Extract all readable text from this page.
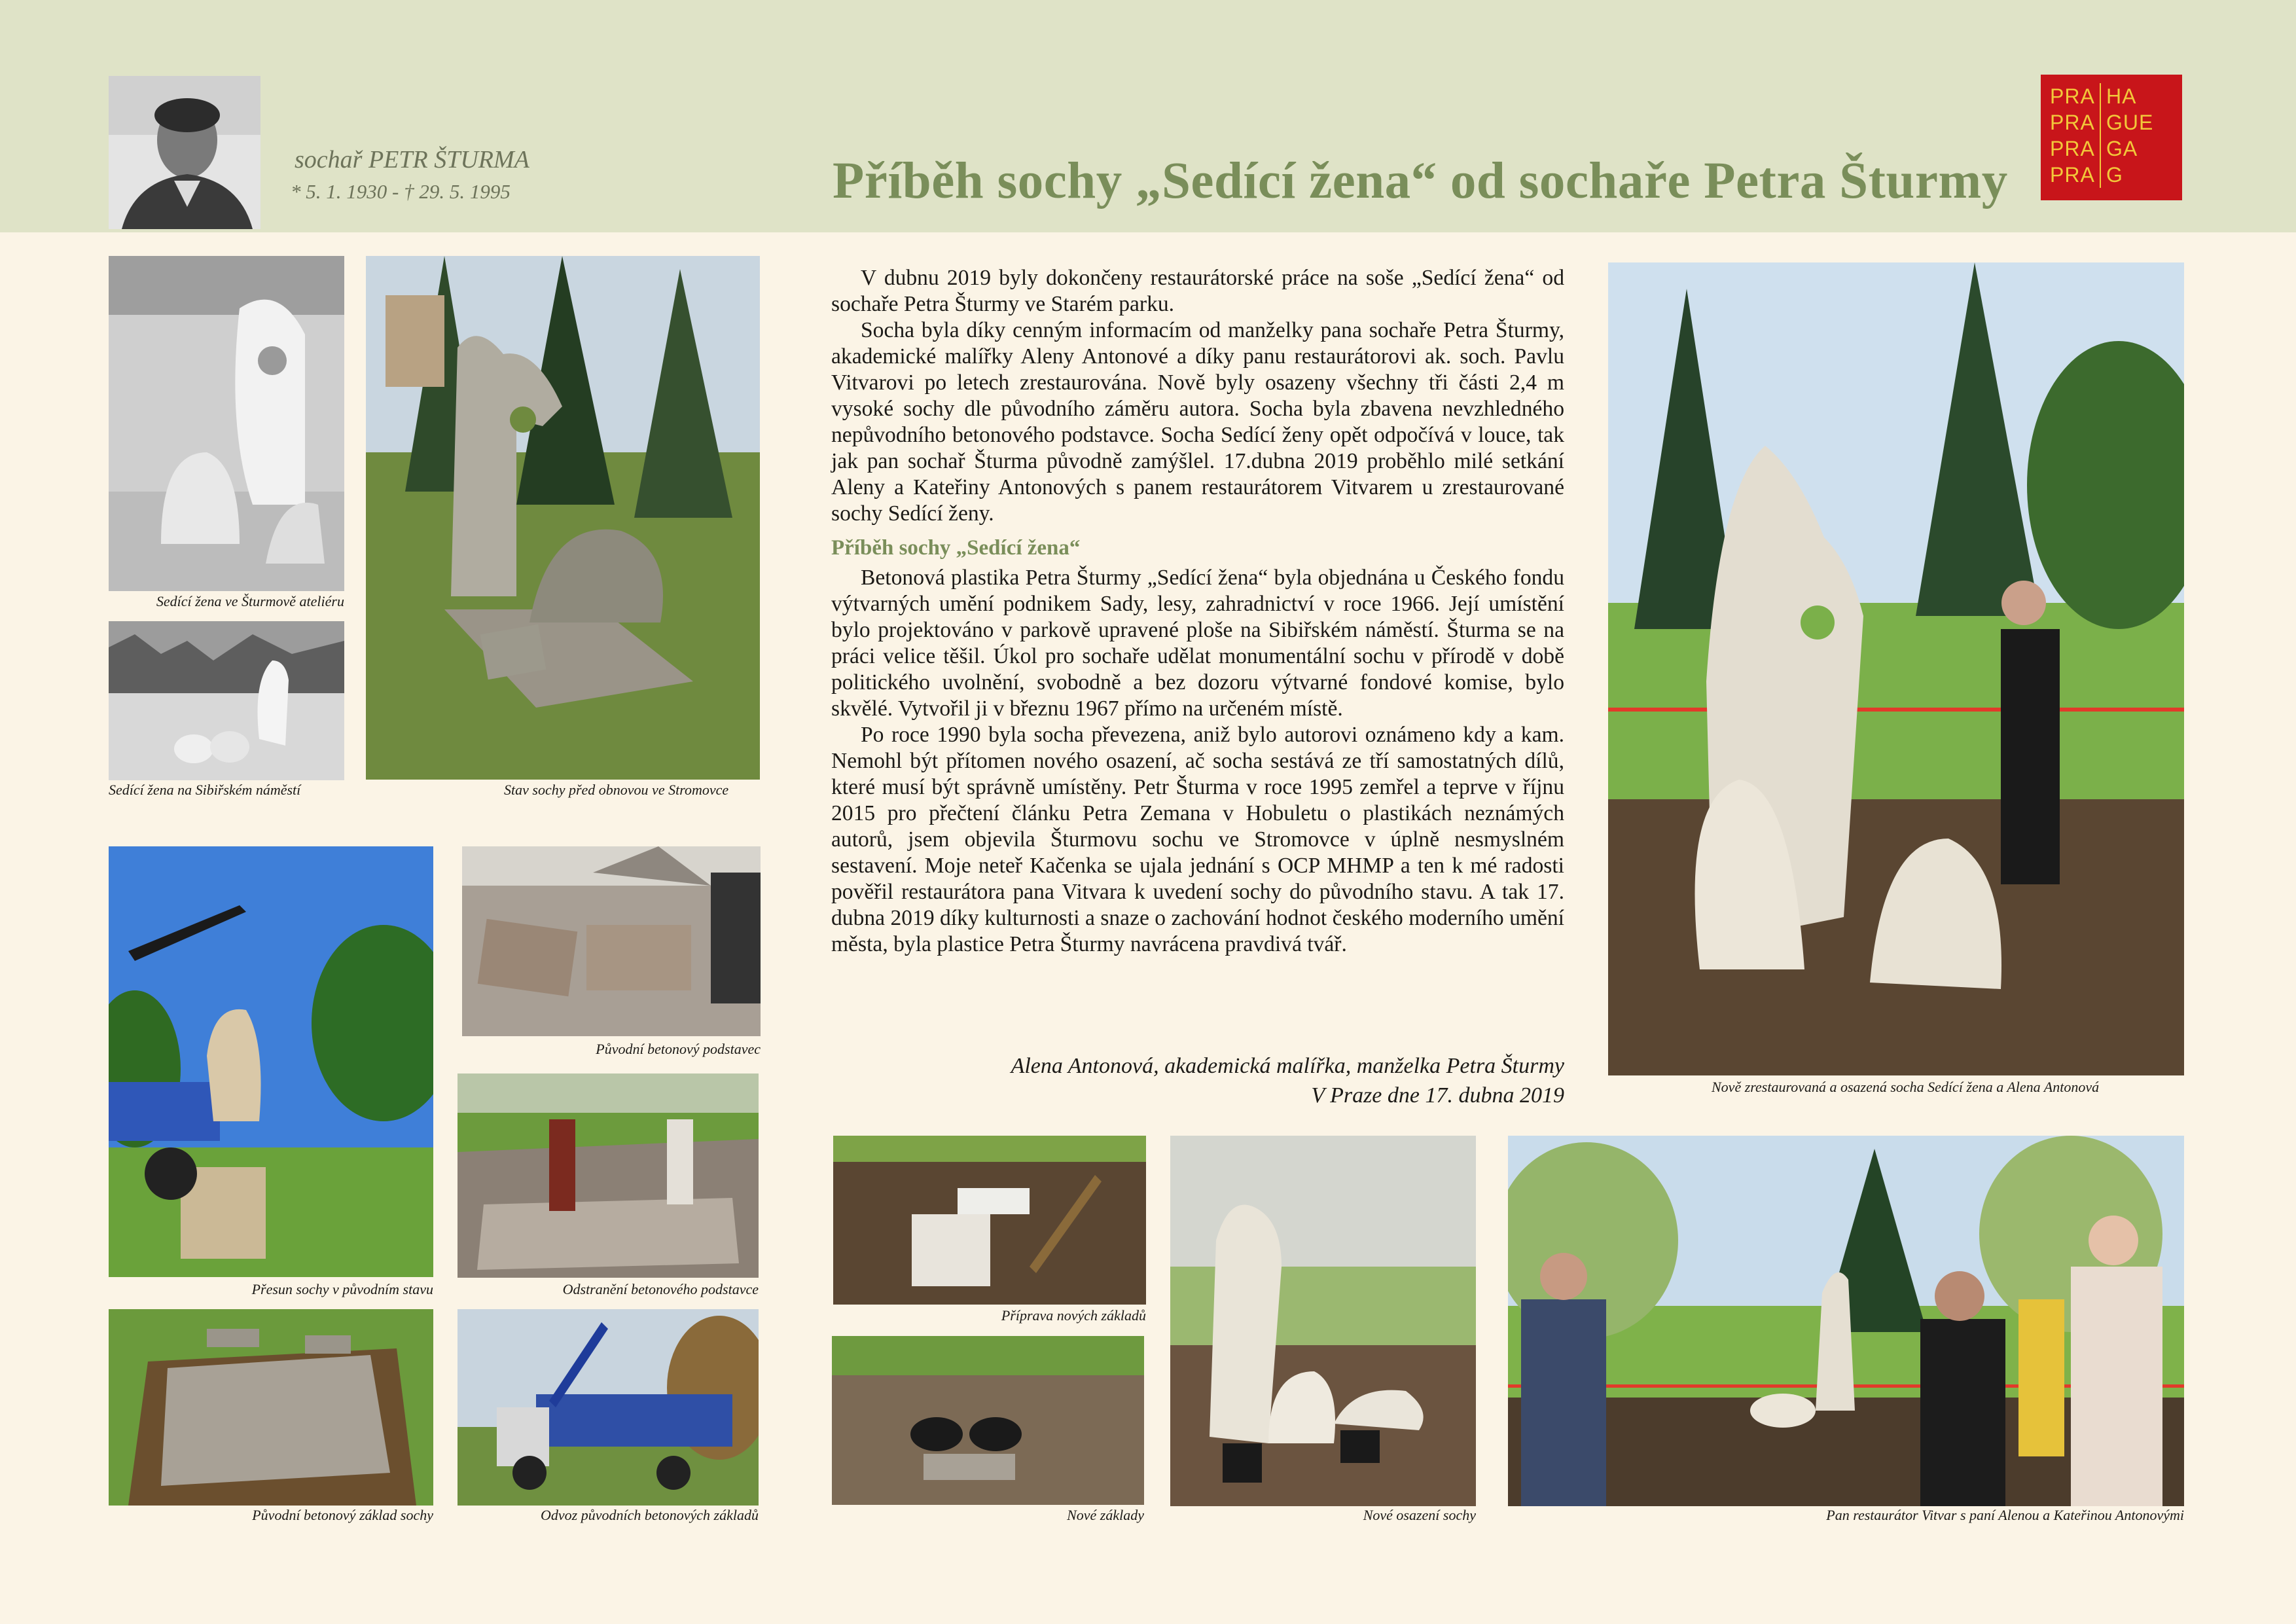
sochař PETR ŠTURMA
* 5. 1. 1930 - † 29. 5. 1995	Příběh sochy „Sedící žena“ od sochaře Petra Šturmy
PRA HA
PRA GUE
PRA GA
PRA G
Sedící žena ve Šturmově ateliéru
Sedící žena na Sibiřském náměstí	Stav sochy před obnovou ve Stromovce
Přesun sochy v původním stavu
Původní betonový podstavec
Odstranění betonového podstavce
Původní betonový základ sochy	Odvoz původních betonových základů

V dubnu 2019 byly dokončeny restaurátorské práce na soše „Sedící žena“ od sochaře Petra Šturmy ve Starém parku.

Socha byla díky cenným informacím od manželky pana sochaře Petra Šturmy, akademické malířky Aleny Antonové a díky panu restaurátorovi ak. soch. Pavlu Vitvarovi po letech zrestaurována. Nově byly osazeny všechny tři části 2,4 m vysoké sochy dle původního záměru autora. Socha byla zbavena nevzhledného nepůvodního betonového podstavce. Socha Sedící ženy opět odpočívá v louce, tak jak pan sochař Šturma původně zamýšlel. 17.dubna 2019 proběhlo milé setkání Aleny a Kateřiny Antonových s panem restaurátorem Vitvarem u zrestaurované sochy Sedící ženy.

Příběh sochy „Sedící žena“

Betonová plastika Petra Šturmy „Sedící žena“ byla objednána u Českého fondu výtvarných umění podnikem Sady, lesy, zahradnictví v roce 1966. Její umístění bylo projektováno v parkově upravené ploše na Sibiřském náměstí. Šturma se na práci velice těšil. Úkol pro sochaře udělat monumentální sochu v přírodě v době politického uvolnění, svobodně a bez dozoru výtvarné fondové komise, bylo skvělé. Vytvořil ji v březnu 1967 přímo na určeném místě.

Po roce 1990 byla socha převezena, aniž bylo autorovi oznámeno kdy a kam. Nemohl být přítomen nového osazení, ač socha sestává ze tří samostatných dílů, které musí být správně umístěny. Petr Šturma v roce 1995 zemřel a teprve v říjnu 2015 pro přečtení článku Petra Zemana v Hobuletu o plastikách neznámých autorů, jsem objevila Šturmovu sochu ve Stromovce v úplně nesmyslném sestavení. Moje neteř Kačenka se ujala jednání s OCP MHMP a ten k mé radosti pověřil restaurátora pana Vitvara k uvedení sochy do původního stavu. A tak 17. dubna 2019 díky kulturnosti a snaze o zachování hodnot českého moderního umění města, byla plastice Petra Šturmy navrácena pravdivá tvář.

Alena Antonová, akademická malířka, manželka Petra Šturmy
V Praze dne 17. dubna 2019	Nově zrestaurovaná a osazená socha Sedící žena a Alena Antonová
Příprava nových základů
Nové základy	Nové osazení sochy	Pan restaurátor Vitvar s paní Alenou a Kateřinou Antonovými
